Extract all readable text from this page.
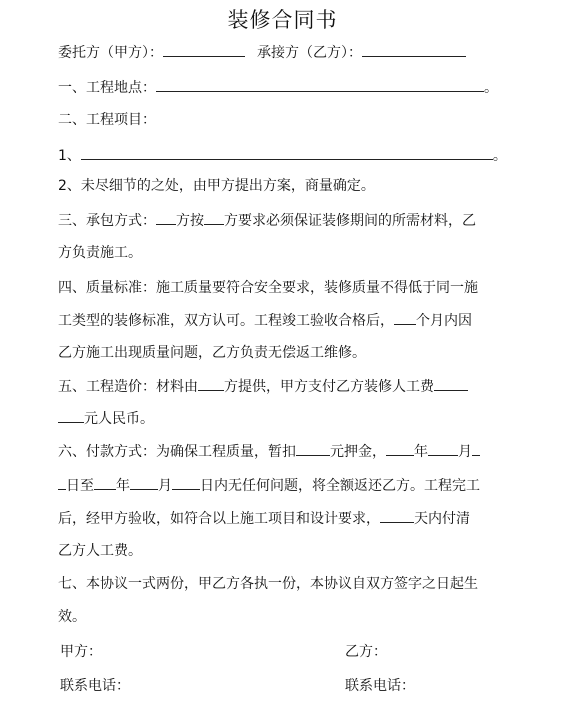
装修合同书

委托方（甲方）：	承接方（乙方）：

一、工程地点：	。

二、工程项目：

1、	。

2、未尽细节的之处，由甲方提出方案，商量确定。

三、承包方式： 方按 方要求必须保证装修期间的所需材料，乙

方负责施工。

四、质量标准：施工质量要符合安全要求，装修质量不得低于同一施

工类型的装修标准，双方认可。工程竣工验收合格后， 个月内因

乙方施工出现质量问题，乙方负责无偿返工维修。

五、工程造价：材料由 方提供，甲方支付乙方装修人工费

元人民币。

六、付款方式：为确保工程质量，暂扣 元押金， 年 月

日至 年 月 日内无任何问题，将全额返还乙方。工程完工

后，经甲方验收，如符合以上施工项目和设计要求， 天内付清

乙方人工费。

七、本协议一式两份，甲乙方各执一份，本协议自双方签字之日起生

效。

甲方：	乙方：

联系电话：	联系电话：
